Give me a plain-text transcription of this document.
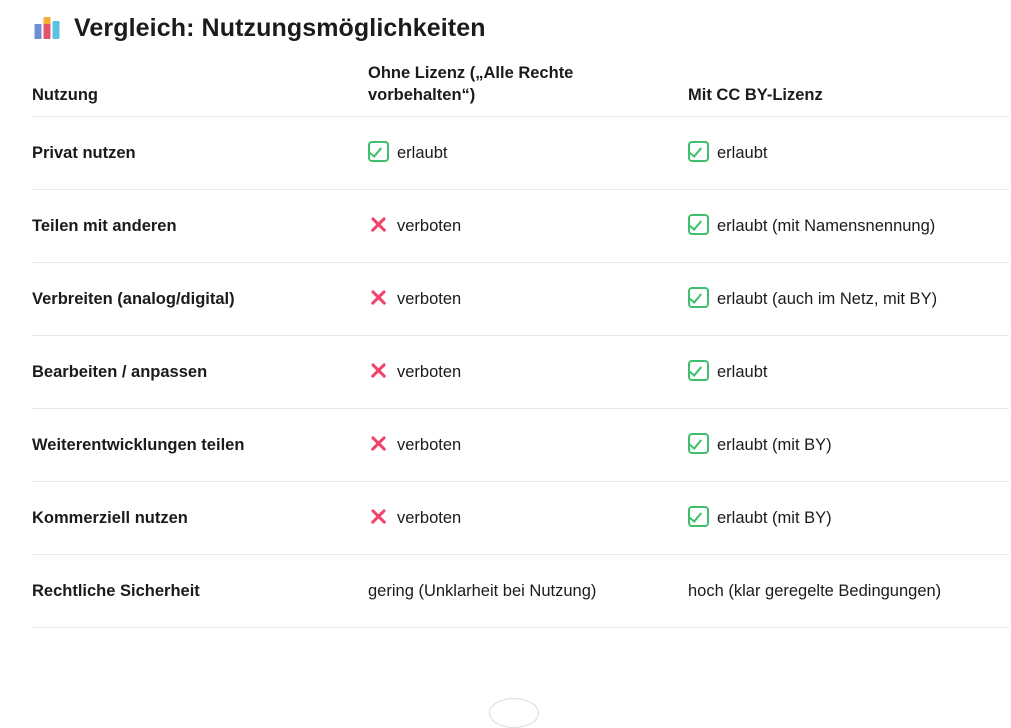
Vergleich: Nutzungsmöglichkeiten
Nutzung	Ohne Lizenz („Alle Rechte vorbehalten“)	Mit CC BY-Lizenz
Privat nutzen	erlaubt	erlaubt
Teilen mit anderen	verboten	erlaubt (mit Namensnennung)
Verbreiten (analog/digital)	verboten	erlaubt (auch im Netz, mit BY)
Bearbeiten / anpassen	verboten	erlaubt
Weiterentwicklungen teilen	verboten	erlaubt (mit BY)
Kommerziell nutzen	verboten	erlaubt (mit BY)
Rechtliche Sicherheit	gering (Unklarheit bei Nutzung)	hoch (klar geregelte Bedingungen)
